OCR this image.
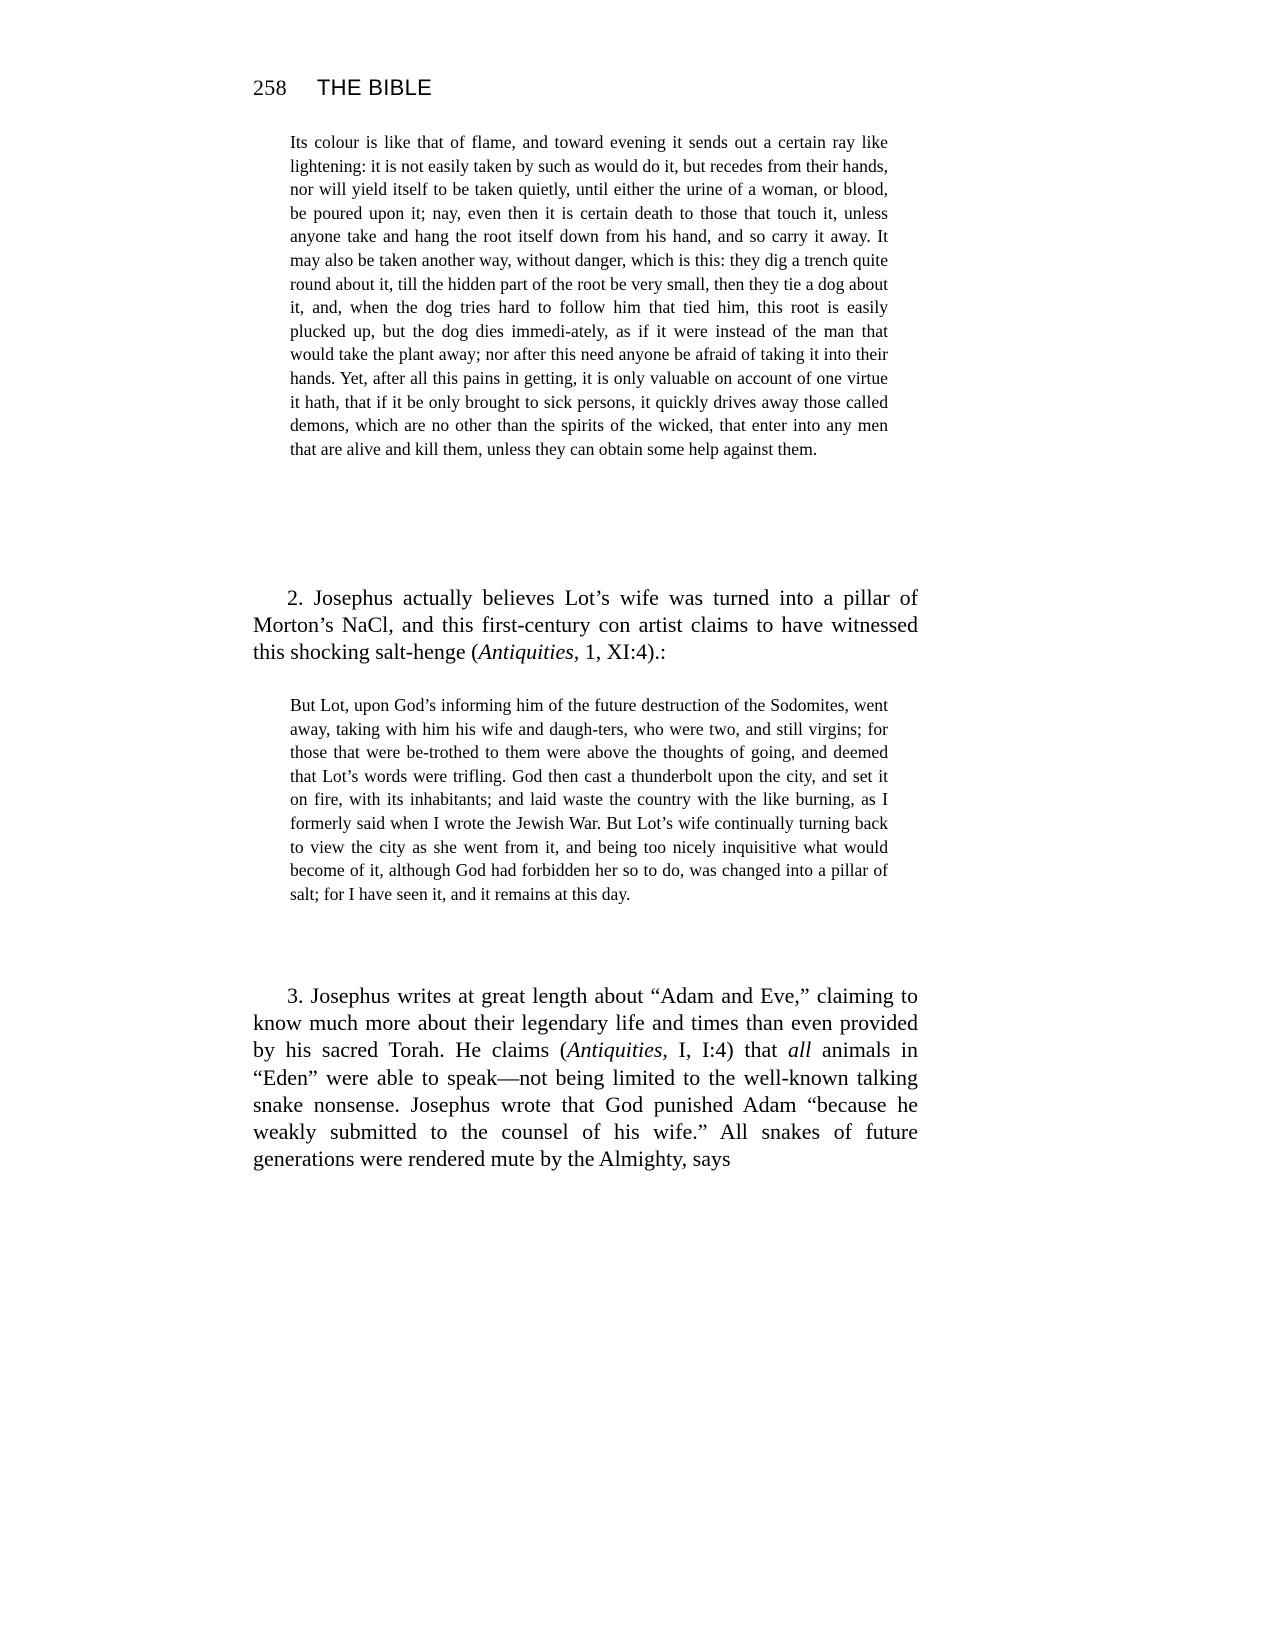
258 THE BIBLE

Its colour is like that of flame, and toward evening it sends out a certain ray like lightening: it is not easily taken by such as would do it, but recedes from their hands, nor will yield itself to be taken quietly, until either the urine of a woman, or blood, be poured upon it; nay, even then it is certain death to those that touch it, unless anyone take and hang the root itself down from his hand, and so carry it away. It may also be taken another way, without danger, which is this: they dig a trench quite round about it, till the hidden part of the root be very small, then they tie a dog about it, and, when the dog tries hard to follow him that tied him, this root is easily plucked up, but the dog dies immedi-ately, as if it were instead of the man that would take the plant away; nor after this need anyone be afraid of taking it into their hands. Yet, after all this pains in getting, it is only valuable on account of one virtue it hath, that if it be only brought to sick persons, it quickly drives away those called demons, which are no other than the spirits of the wicked, that enter into any men that are alive and kill them, unless they can obtain some help against them.

2. Josephus actually believes Lot’s wife was turned into a pillar of Morton’s NaCl, and this first-century con artist claims to have witnessed this shocking salt-henge (Antiquities, 1, XI:4).:

But Lot, upon God’s informing him of the future destruction of the Sodomites, went away, taking with him his wife and daugh-ters, who were two, and still virgins; for those that were be-trothed to them were above the thoughts of going, and deemed that Lot’s words were trifling. God then cast a thunderbolt upon the city, and set it on fire, with its inhabitants; and laid waste the country with the like burning, as I formerly said when I wrote the Jewish War. But Lot’s wife continually turning back to view the city as she went from it, and being too nicely inquisitive what would become of it, although God had forbidden her so to do, was changed into a pillar of salt; for I have seen it, and it remains at this day.

3. Josephus writes at great length about “Adam and Eve,” claiming to know much more about their legendary life and times than even provided by his sacred Torah. He claims (Antiquities, I, I:4) that all animals in “Eden” were able to speak—not being limited to the well-known talking snake nonsense. Josephus wrote that God punished Adam “because he weakly submitted to the counsel of his wife.” All snakes of future generations were rendered mute by the Almighty, says
